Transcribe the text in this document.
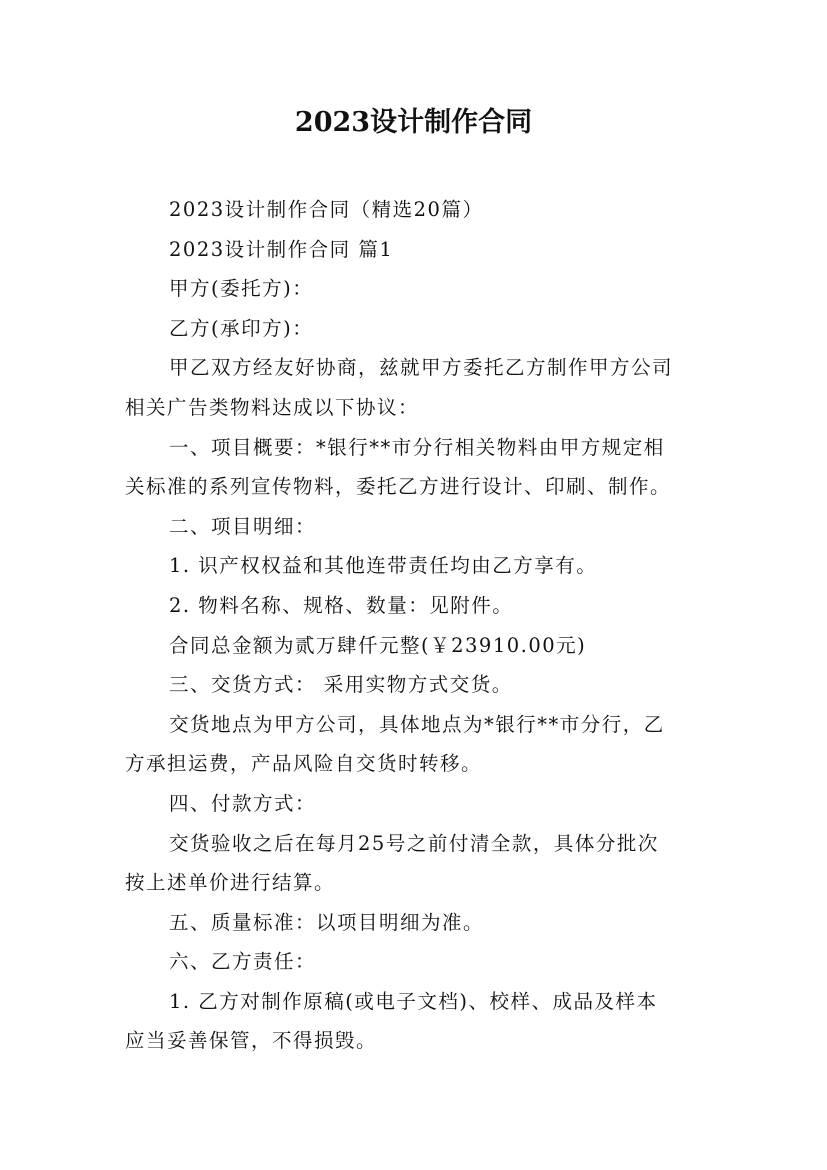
2023设计制作合同

2023设计制作合同（精选20篇）

2023设计制作合同 篇1

甲方(委托方)：

乙方(承印方)：

甲乙双方经友好协商，兹就甲方委托乙方制作甲方公司

相关广告类物料达成以下协议：

一、项目概要：*银行**市分行相关物料由甲方规定相

关标准的系列宣传物料，委托乙方进行设计、印刷、制作。

二、项目明细：

1. 识产权权益和其他连带责任均由乙方享有。

2. 物料名称、规格、数量：见附件。

合同总金额为贰万肆仟元整(￥23910.00元)

三、交货方式： 采用实物方式交货。

交货地点为甲方公司，具体地点为*银行**市分行，乙

方承担运费，产品风险自交货时转移。

四、付款方式：

交货验收之后在每月25号之前付清全款，具体分批次

按上述单价进行结算。

五、质量标准：以项目明细为准。

六、乙方责任：

1. 乙方对制作原稿(或电子文档)、校样、成品及样本

应当妥善保管，不得损毁。
